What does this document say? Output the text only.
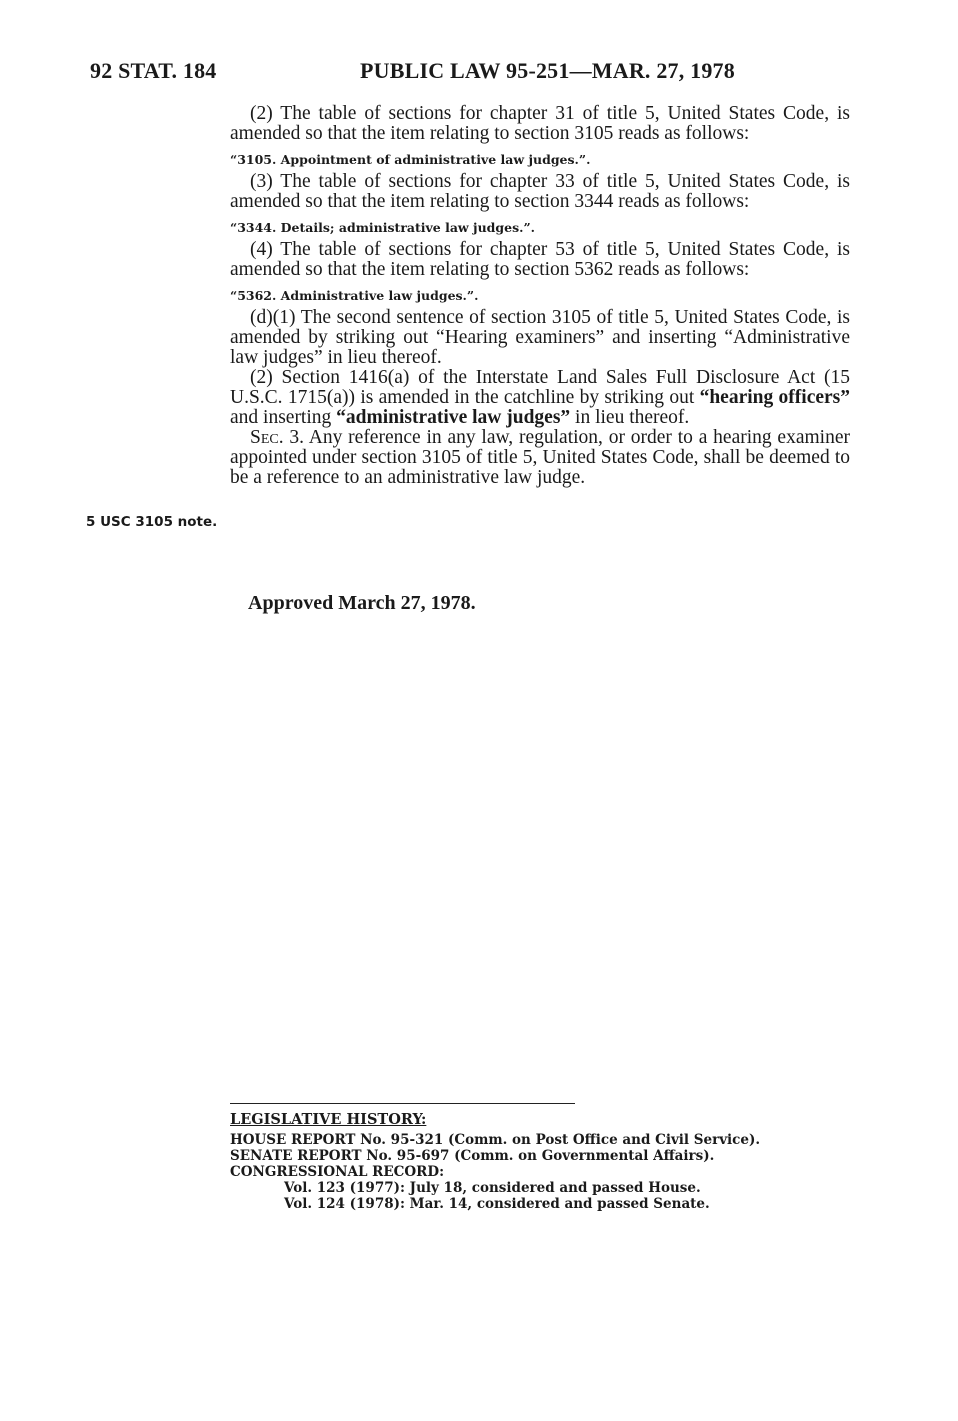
92 STAT. 184	PUBLIC LAW 95-251—MAR. 27, 1978

(2) The table of sections for chapter 31 of title 5, United States Code, is amended so that the item relating to section 3105 reads as follows:

“3105. Appointment of administrative law judges.”.

(3) The table of sections for chapter 33 of title 5, United States Code, is amended so that the item relating to section 3344 reads as follows:

“3344. Details; administrative law judges.”.

(4) The table of sections for chapter 53 of title 5, United States Code, is amended so that the item relating to section 5362 reads as follows:

“5362. Administrative law judges.”.

(d)(1) The second sentence of section 3105 of title 5, United States Code, is amended by striking out “Hearing examiners” and inserting “Administrative law judges” in lieu thereof.

(2) Section 1416(a) of the Interstate Land Sales Full Disclosure Act (15 U.S.C. 1715(a)) is amended in the catchline by striking out “hearing officers” and inserting “administrative law judges” in lieu thereof.

Sec. 3. Any reference in any law, regulation, or order to a hearing examiner appointed under section 3105 of title 5, United States Code, shall be deemed to be a reference to an administrative law judge.

5 USC 3105 note.
Approved March 27, 1978.
LEGISLATIVE HISTORY:
HOUSE REPORT No. 95-321 (Comm. on Post Office and Civil Service).
SENATE REPORT No. 95-697 (Comm. on Governmental Affairs).
CONGRESSIONAL RECORD:
Vol. 123 (1977): July 18, considered and passed House.
Vol. 124 (1978): Mar. 14, considered and passed Senate.
